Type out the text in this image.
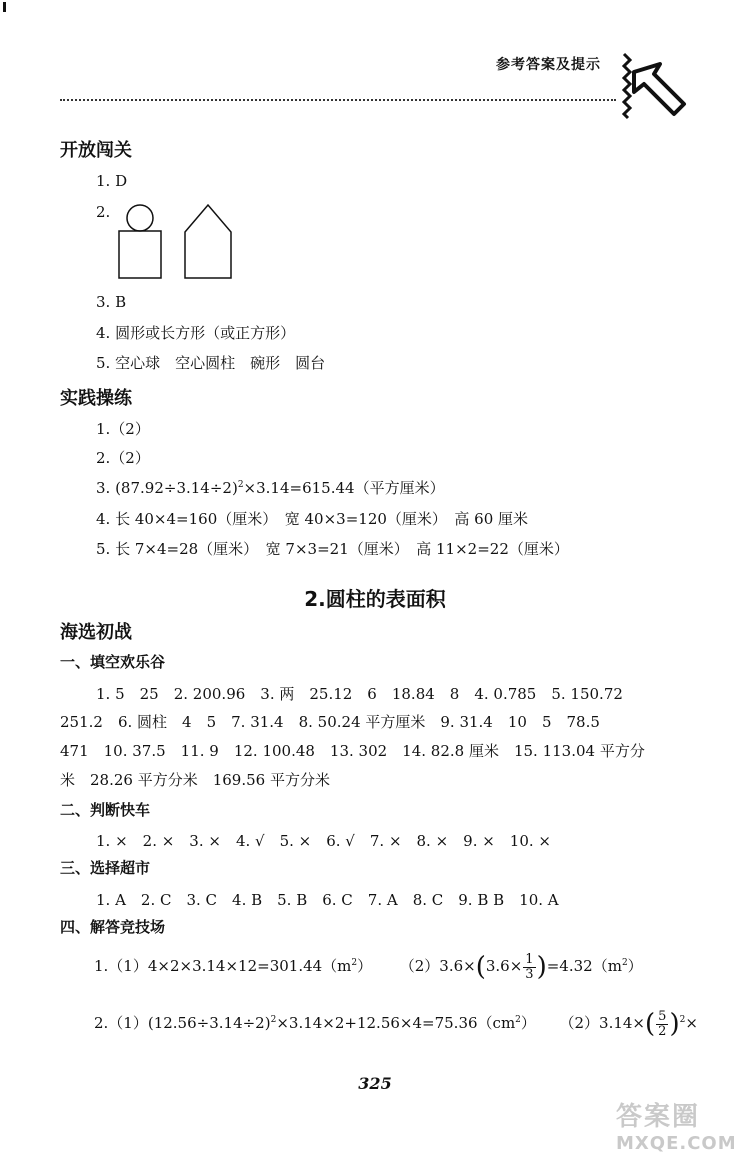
参考答案及提示
开放闯关
1. D
2.
3. B
4. 圆形或长方形（或正方形）
5. 空心球　空心圆柱　碗形　圆台
实践操练
1.（2）
2.（2）
3. $(87.92\div 3.14\div 2)^2\times 3.14=615.44$（平方厘米）
4. 长 40×4=160（厘米）　宽 40×3=120（厘米）　高 60 厘米
5. 长 7×4=28（厘米）　宽 7×3=21（厘米）　高 11×2=22（厘米）
2.圆柱的表面积
海选初战
一、填空欢乐谷
1. 5　25　2. 200.96　3. 两　25.12　6　18.84　8　4. 0.785　5. 150.72
251.2　6. 圆柱　4　5　7. 31.4　8. 50.24 平方厘米　9. 31.4　10　5　78.5
471　10. 37.5　11. 9　12. 100.48　13. 302　14. 82.8 厘米　15. 113.04 平方分
米　28.26 平方分米　169.56 平方分米
二、判断快车
1. ×　2. ×　3. ×　4. √　5. ×　6. √　7. ×　8. ×　9. ×　10. ×
三、选择超市
1. A　2. C　3. C　4. B　5. B　6. C　7. A　8. C　9. B B　10. A
四、解答竞技场
$1.(1)4\times 2\times 3.14\times 12=301.44(m^2)$ $(2)3.6\times(3.6\times \frac{1}{3} )=4.32(m^2)$
$2.(1)(12.56\div 3.14\div 2)^2\times 3.14\times 2+12.56\times 4=75.36(cm^2)$ $(2)3.14\times( \frac{5}{2} )^2\times$
325
答案圈
MXQE.COM
